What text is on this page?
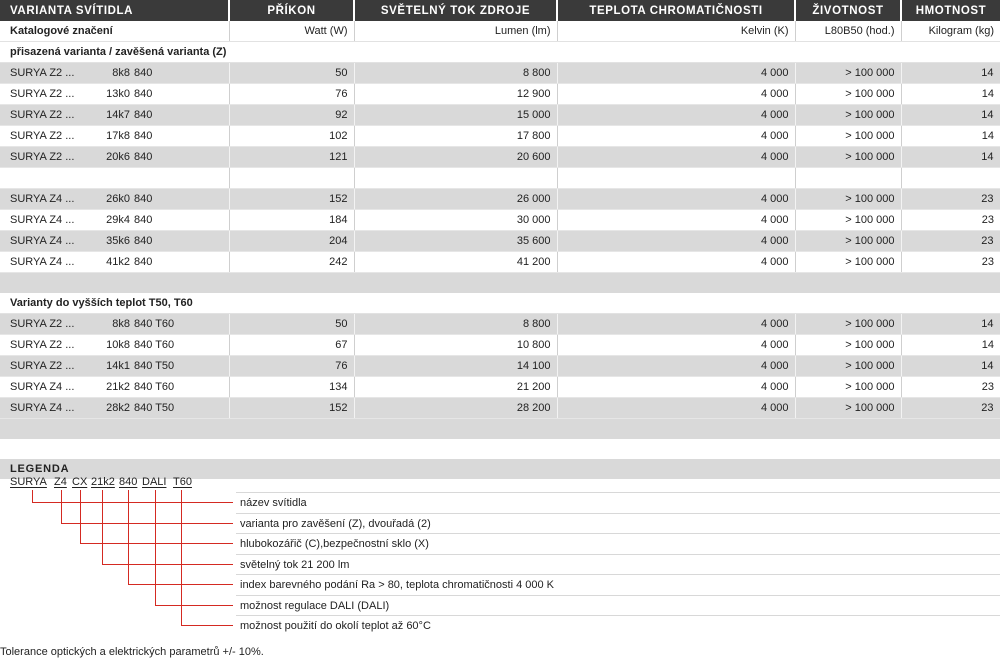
VARIANTA SVÍTIDLA	PŘÍKON	SVĚTELNÝ TOK ZDROJE	TEPLOTA CHROMATIČNOSTI	ŽIVOTNOST	HMOTNOST
Katalogové značení	Watt (W)	Lumen (lm)	Kelvin (K)	L80B50 (hod.)	Kilogram (kg)
přisazená varianta / zavěšená varianta (Z)					
SURYA Z2 ... 8k8 840	50	8 800	4 000	> 100 000	14
SURYA Z2 ... 13k0 840	76	12 900	4 000	> 100 000	14
SURYA Z2 ... 14k7 840	92	15 000	4 000	> 100 000	14
SURYA Z2 ... 17k8 840	102	17 800	4 000	> 100 000	14
SURYA Z2 ... 20k6 840	121	20 600	4 000	> 100 000	14

SURYA Z4 ... 26k0 840	152	26 000	4 000	> 100 000	23
SURYA Z4 ... 29k4 840	184	30 000	4 000	> 100 000	23
SURYA Z4 ... 35k6 840	204	35 600	4 000	> 100 000	23
SURYA Z4 ... 41k2 840	242	41 200	4 000	> 100 000	23

Varianty do vyšších teplot T50, T60					
SURYA Z2 ... 8k8 840 T60	50	8 800	4 000	> 100 000	14
SURYA Z2 ... 10k8 840 T60	67	10 800	4 000	> 100 000	14
SURYA Z2 ... 14k1 840 T50	76	14 100	4 000	> 100 000	14
SURYA Z4 ... 21k2 840 T60	134	21 200	4 000	> 100 000	23
SURYA Z4 ... 28k2 840 T50	152	28 200	4 000	> 100 000	23

LEGENDA					
SURYA Z4 CX 21k2 840 DALI T60
název svítidla
varianta pro zavěšení (Z), dvouřadá (2)
hlubokozářič (C),bezpečnostní sklo (X)
světelný tok 21 200 lm
index barevného podání Ra > 80, teplota chromatičnosti 4 000 K
možnost regulace DALI (DALI)
možnost použití do okolí teplot až 60°C
Tolerance optických a elektrických parametrů +/- 10%.
